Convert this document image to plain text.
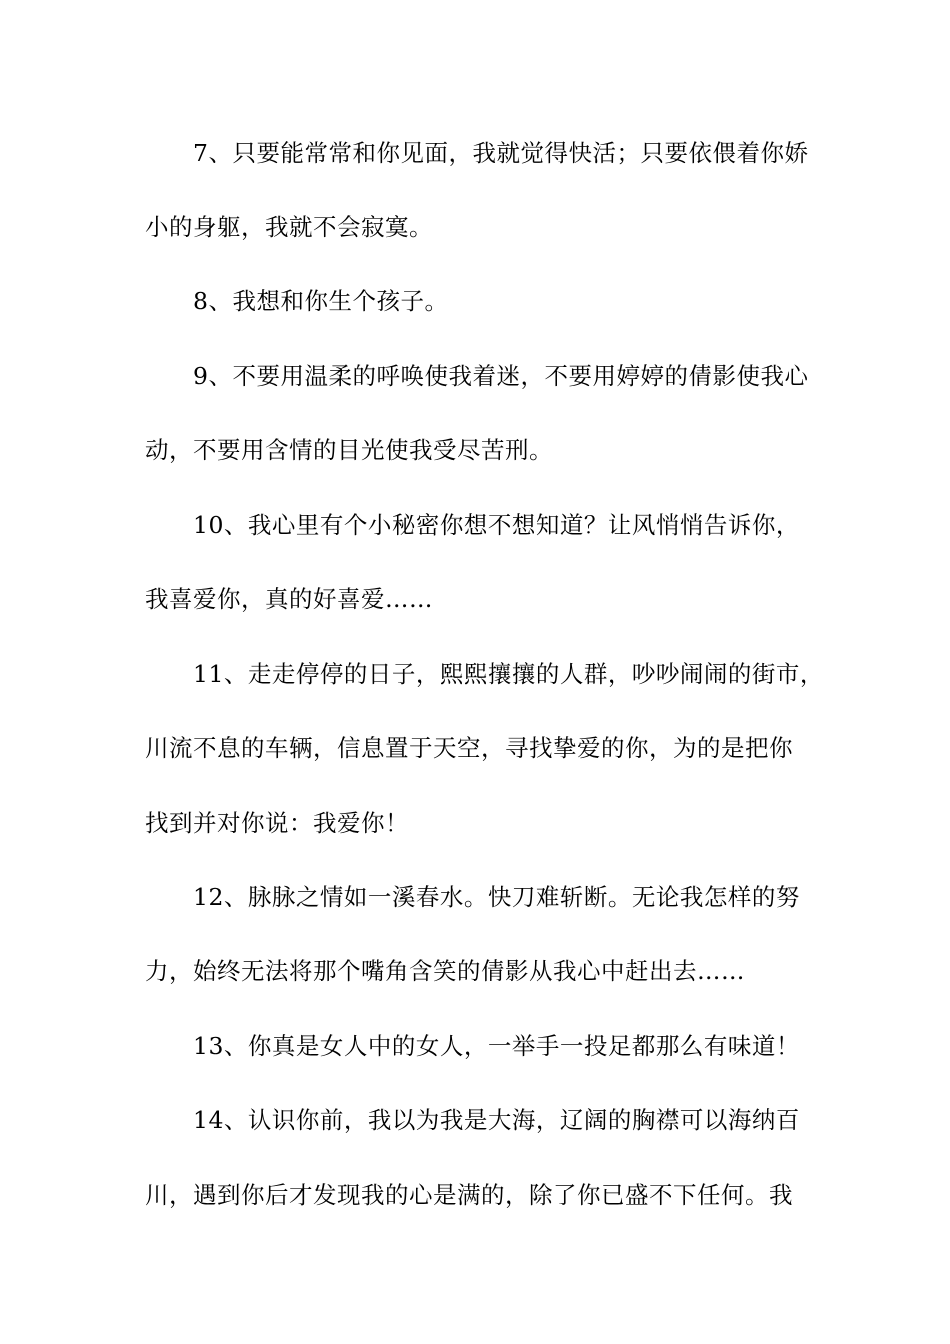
7、只要能常常和你见面，我就觉得快活；只要依偎着你娇
小的身躯，我就不会寂寞。
8、我想和你生个孩子。
9、不要用温柔的呼唤使我着迷，不要用婷婷的倩影使我心
动，不要用含情的目光使我受尽苦刑。
10、我心里有个小秘密你想不想知道？让风悄悄告诉你，
我喜爱你，真的好喜爱……
11、走走停停的日子，熙熙攘攘的人群，吵吵闹闹的街市，
川流不息的车辆，信息置于天空，寻找挚爱的你，为的是把你
找到并对你说：我爱你！
12、脉脉之情如一溪春水。快刀难斩断。无论我怎样的努
力，始终无法将那个嘴角含笑的倩影从我心中赶出去……
13、你真是女人中的女人，一举手一投足都那么有味道！
14、认识你前，我以为我是大海，辽阔的胸襟可以海纳百
川，遇到你后才发现我的心是满的，除了你已盛不下任何。我
